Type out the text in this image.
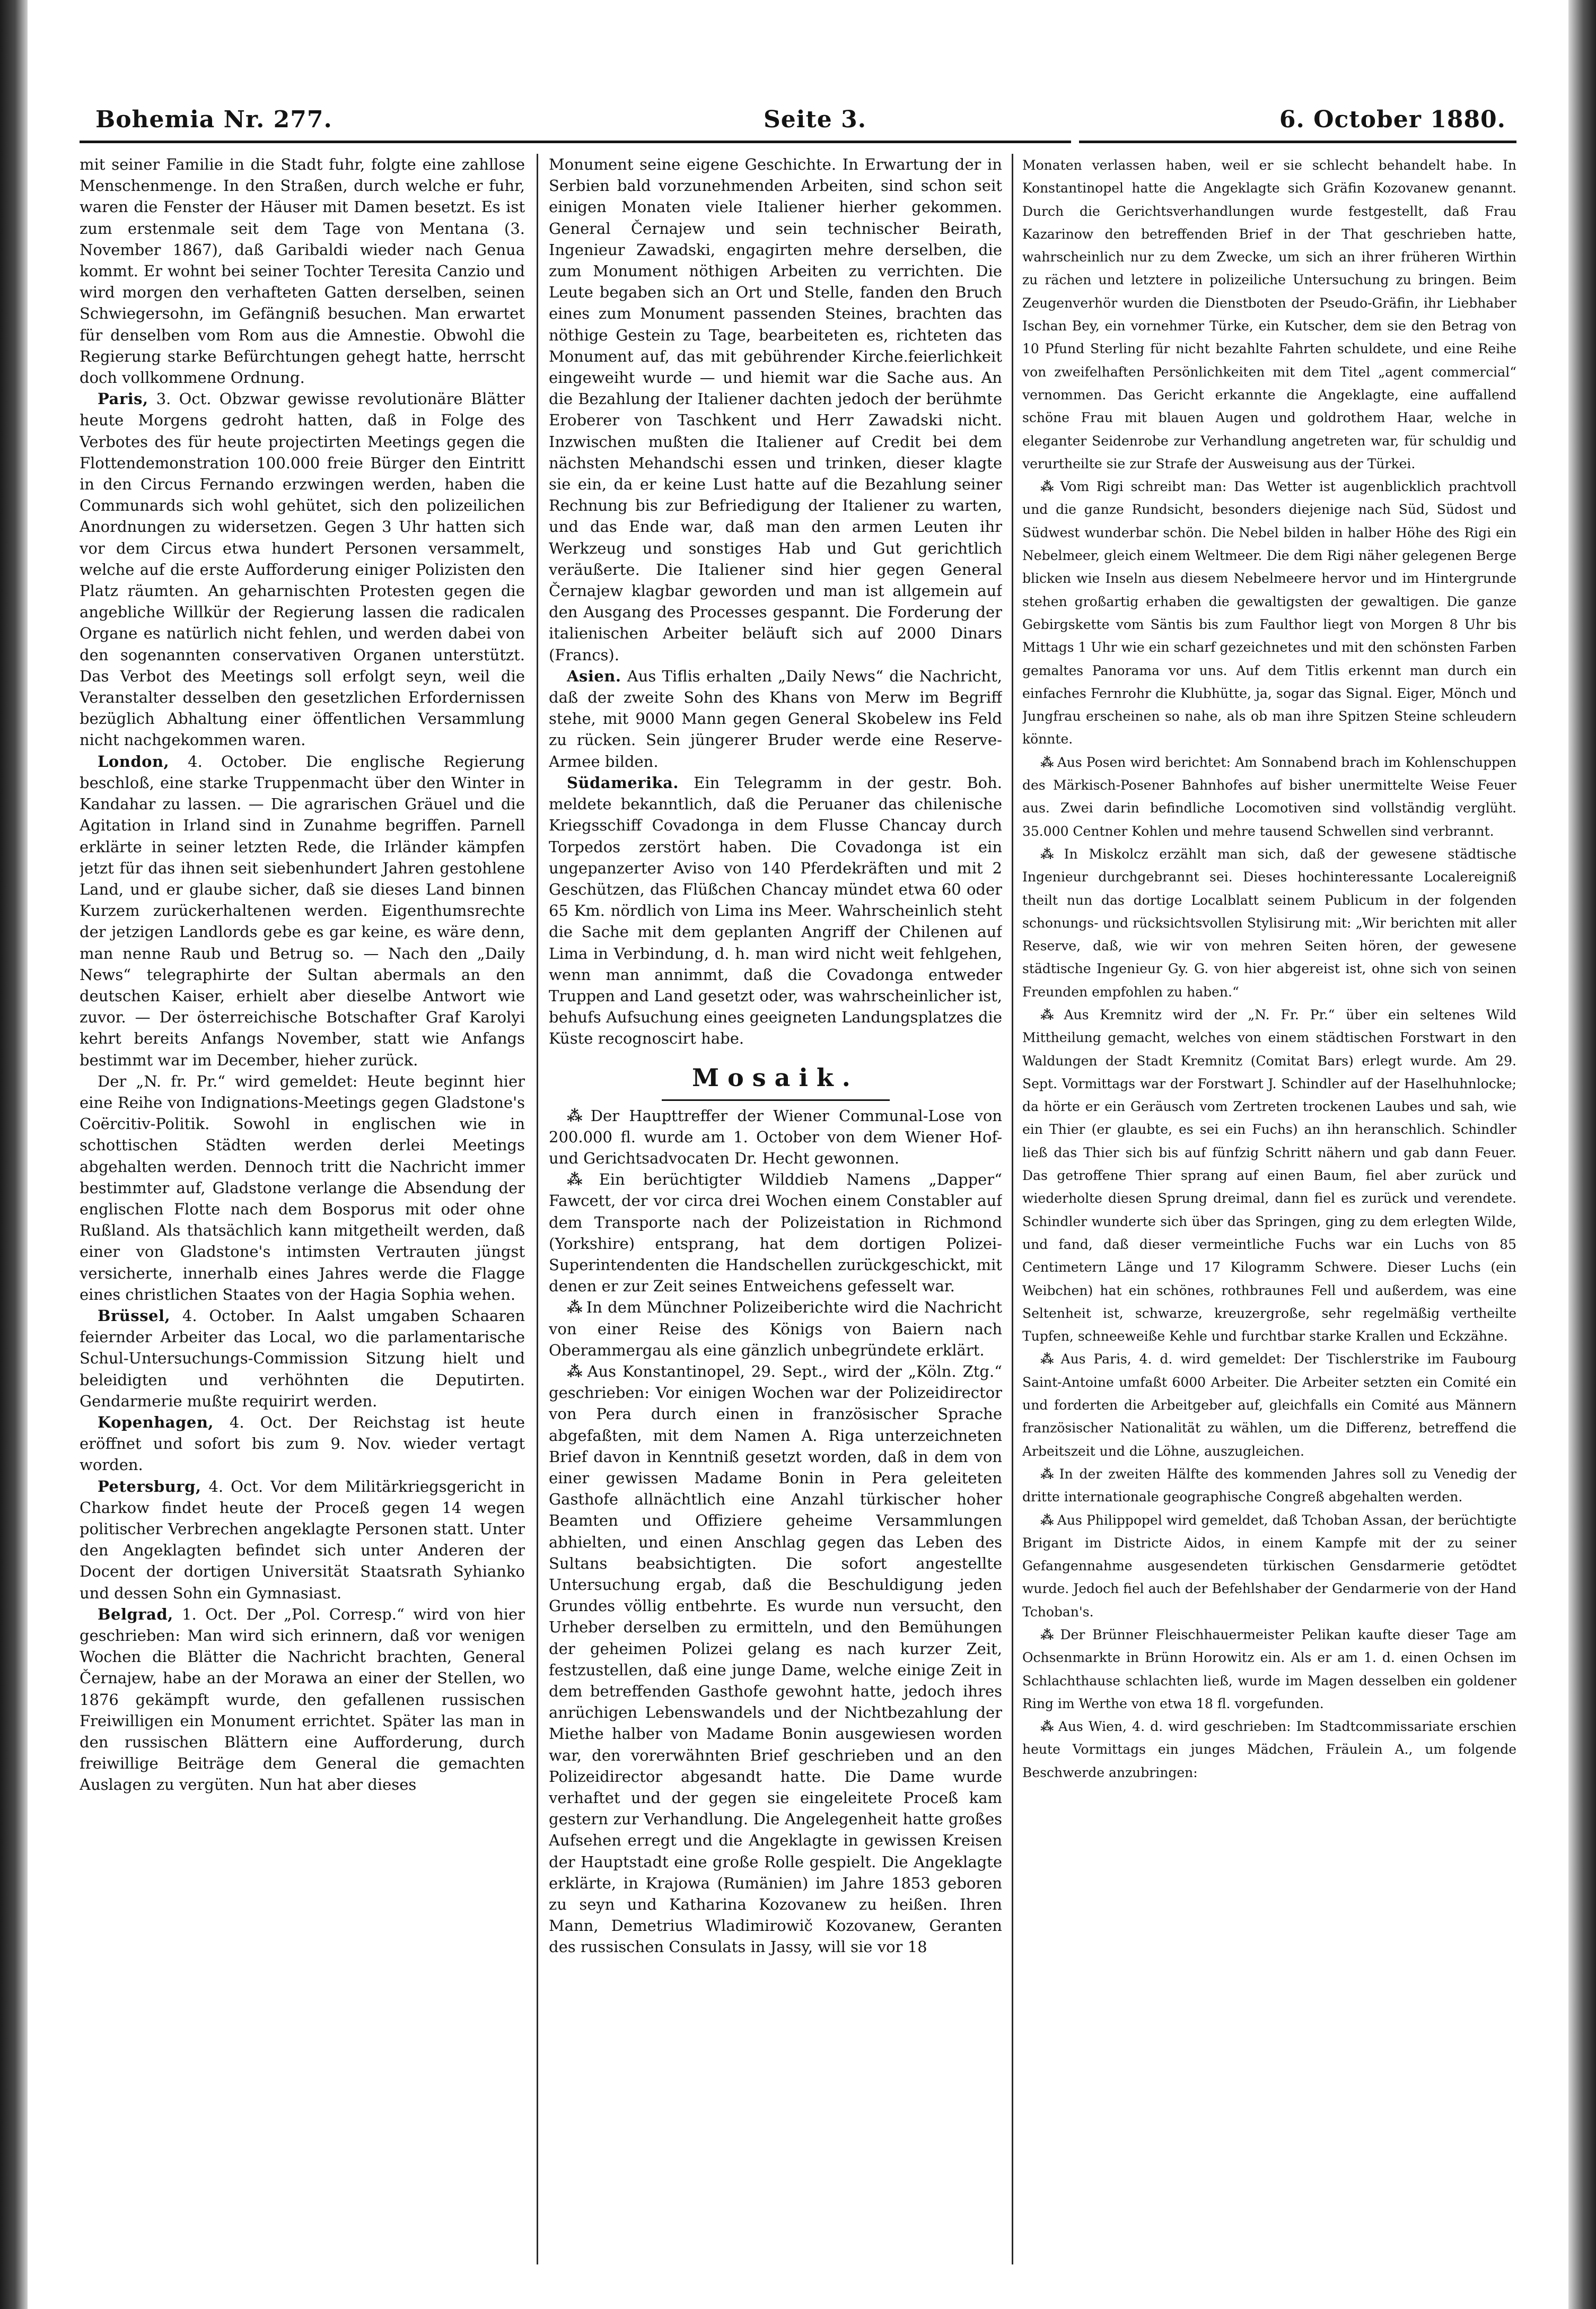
Bohemia Nr. 277.	Seite 3.	6. October 1880.

mit seiner Familie in die Stadt fuhr, folgte eine zahllose Menschenmenge. In den Straßen, durch welche er fuhr, waren die Fenster der Häuser mit Damen besetzt. Es ist zum erstenmale seit dem Tage von Mentana (3. November 1867), daß Garibaldi wieder nach Genua kommt. Er wohnt bei seiner Tochter Teresita Canzio und wird morgen den verhafteten Gatten derselben, seinen Schwiegersohn, im Gefängniß besuchen. Man erwartet für denselben vom Rom aus die Amnestie. Obwohl die Regierung starke Befürchtungen gehegt hatte, herrscht doch vollkommene Ordnung.

Paris, 3. Oct. Obzwar gewisse revolutionäre Blätter heute Morgens gedroht hatten, daß in Folge des Verbotes des für heute projectirten Meetings gegen die Flottendemonstration 100.000 freie Bürger den Eintritt in den Circus Fernando erzwingen werden, haben die Communards sich wohl gehütet, sich den polizeilichen Anordnungen zu widersetzen. Gegen 3 Uhr hatten sich vor dem Circus etwa hundert Personen versammelt, welche auf die erste Aufforderung einiger Polizisten den Platz räumten. An geharnischten Protesten gegen die angebliche Willkür der Regierung lassen die radicalen Organe es natürlich nicht fehlen, und werden dabei von den sogenannten conservativen Organen unterstützt. Das Verbot des Meetings soll erfolgt seyn, weil die Veranstalter desselben den gesetzlichen Erfordernissen bezüglich Abhaltung einer öffentlichen Versammlung nicht nachgekommen waren.

London, 4. October. Die englische Regierung beschloß, eine starke Truppenmacht über den Winter in Kandahar zu lassen. — Die agrarischen Gräuel und die Agitation in Irland sind in Zunahme begriffen. Parnell erklärte in seiner letzten Rede, die Irländer kämpfen jetzt für das ihnen seit siebenhundert Jahren gestohlene Land, und er glaube sicher, daß sie dieses Land binnen Kurzem zurückerhaltenen werden. Eigenthumsrechte der jetzigen Landlords gebe es gar keine, es wäre denn, man nenne Raub und Betrug so. — Nach den „Daily News“ telegraphirte der Sultan abermals an den deutschen Kaiser, erhielt aber dieselbe Antwort wie zuvor. — Der österreichische Botschafter Graf Karolyi kehrt bereits Anfangs November, statt wie Anfangs bestimmt war im December, hieher zurück.

Der „N. fr. Pr.“ wird gemeldet: Heute beginnt hier eine Reihe von Indignations-Meetings gegen Gladstone's Coërcitiv-Politik. Sowohl in englischen wie in schottischen Städten werden derlei Meetings abgehalten werden. Dennoch tritt die Nachricht immer bestimmter auf, Gladstone verlange die Absendung der englischen Flotte nach dem Bosporus mit oder ohne Rußland. Als thatsächlich kann mitgetheilt werden, daß einer von Gladstone's intimsten Vertrauten jüngst versicherte, innerhalb eines Jahres werde die Flagge eines christlichen Staates von der Hagia Sophia wehen.

Brüssel, 4. October. In Aalst umgaben Schaaren feiernder Arbeiter das Local, wo die parlamentarische Schul-Untersuchungs-Commission Sitzung hielt und beleidigten und verhöhnten die Deputirten. Gendarmerie mußte requirirt werden.

Kopenhagen, 4. Oct. Der Reichstag ist heute eröffnet und sofort bis zum 9. Nov. wieder vertagt worden.

Petersburg, 4. Oct. Vor dem Militärkriegsgericht in Charkow findet heute der Proceß gegen 14 wegen politischer Verbrechen angeklagte Personen statt. Unter den Angeklagten befindet sich unter Anderen der Docent der dortigen Universität Staatsrath Syhianko und dessen Sohn ein Gymnasiast.

Belgrad, 1. Oct. Der „Pol. Corresp.“ wird von hier geschrieben: Man wird sich erinnern, daß vor wenigen Wochen die Blätter die Nachricht brachten, General Černajew, habe an der Morawa an einer der Stellen, wo 1876 gekämpft wurde, den gefallenen russischen Freiwilligen ein Monument errichtet. Später las man in den russischen Blättern eine Aufforderung, durch freiwillige Beiträge dem General die gemachten Auslagen zu vergüten. Nun hat aber dieses

Monument seine eigene Geschichte. In Erwartung der in Serbien bald vorzunehmenden Arbeiten, sind schon seit einigen Monaten viele Italiener hierher gekommen. General Černajew und sein technischer Beirath, Ingenieur Zawadski, engagirten mehre derselben, die zum Monument nöthigen Arbeiten zu verrichten. Die Leute begaben sich an Ort und Stelle, fanden den Bruch eines zum Monument passenden Steines, brachten das nöthige Gestein zu Tage, bearbeiteten es, richteten das Monument auf, das mit gebührender Kirche.feierlichkeit eingeweiht wurde — und hiemit war die Sache aus. An die Bezahlung der Italiener dachten jedoch der berühmte Eroberer von Taschkent und Herr Zawadski nicht. Inzwischen mußten die Italiener auf Credit bei dem nächsten Mehandschi essen und trinken, dieser klagte sie ein, da er keine Lust hatte auf die Bezahlung seiner Rechnung bis zur Befriedigung der Italiener zu warten, und das Ende war, daß man den armen Leuten ihr Werkzeug und sonstiges Hab und Gut gerichtlich veräußerte. Die Italiener sind hier gegen General Černajew klagbar geworden und man ist allgemein auf den Ausgang des Processes gespannt. Die Forderung der italienischen Arbeiter beläuft sich auf 2000 Dinars (Francs).

Asien. Aus Tiflis erhalten „Daily News“ die Nachricht, daß der zweite Sohn des Khans von Merw im Begriff stehe, mit 9000 Mann gegen General Skobelew ins Feld zu rücken. Sein jüngerer Bruder werde eine Reserve-Armee bilden.

Südamerika. Ein Telegramm in der gestr. Boh. meldete bekanntlich, daß die Peruaner das chilenische Kriegsschiff Covadonga in dem Flusse Chancay durch Torpedos zerstört haben. Die Covadonga ist ein ungepanzerter Aviso von 140 Pferdekräften und mit 2 Geschützen, das Flüßchen Chancay mündet etwa 60 oder 65 Km. nördlich von Lima ins Meer. Wahrscheinlich steht die Sache mit dem geplanten Angriff der Chilenen auf Lima in Verbindung, d. h. man wird nicht weit fehlgehen, wenn man annimmt, daß die Covadonga entweder Truppen and Land gesetzt oder, was wahrscheinlicher ist, behufs Aufsuchung eines geeigneten Landungsplatzes die Küste recognoscirt habe.

Mosaik.

⁂ Der Haupttreffer der Wiener Communal-Lose von 200.000 fl. wurde am 1. October von dem Wiener Hof- und Gerichtsadvocaten Dr. Hecht gewonnen.

⁂ Ein berüchtigter Wilddieb Namens „Dapper“ Fawcett, der vor circa drei Wochen einem Constabler auf dem Transporte nach der Polizeistation in Richmond (Yorkshire) entsprang, hat dem dortigen Polizei-Superintendenten die Handschellen zurückgeschickt, mit denen er zur Zeit seines Entweichens gefesselt war.

⁂ In dem Münchner Polizeiberichte wird die Nachricht von einer Reise des Königs von Baiern nach Oberammergau als eine gänzlich unbegründete erklärt.

⁂ Aus Konstantinopel, 29. Sept., wird der „Köln. Ztg.“ geschrieben: Vor einigen Wochen war der Polizeidirector von Pera durch einen in französischer Sprache abgefaßten, mit dem Namen A. Riga unterzeichneten Brief davon in Kenntniß gesetzt worden, daß in dem von einer gewissen Madame Bonin in Pera geleiteten Gasthofe allnächtlich eine Anzahl türkischer hoher Beamten und Offiziere geheime Versammlungen abhielten, und einen Anschlag gegen das Leben des Sultans beabsichtigten. Die sofort angestellte Untersuchung ergab, daß die Beschuldigung jeden Grundes völlig entbehrte. Es wurde nun versucht, den Urheber derselben zu ermitteln, und den Bemühungen der geheimen Polizei gelang es nach kurzer Zeit, festzustellen, daß eine junge Dame, welche einige Zeit in dem betreffenden Gasthofe gewohnt hatte, jedoch ihres anrüchigen Lebenswandels und der Nichtbezahlung der Miethe halber von Madame Bonin ausgewiesen worden war, den vorerwähnten Brief geschrieben und an den Polizeidirector abgesandt hatte. Die Dame wurde verhaftet und der gegen sie eingeleitete Proceß kam gestern zur Verhandlung. Die Angelegenheit hatte großes Aufsehen erregt und die Angeklagte in gewissen Kreisen der Hauptstadt eine große Rolle gespielt. Die Angeklagte erklärte, in Krajowa (Rumänien) im Jahre 1853 geboren zu seyn und Katharina Kozovanew zu heißen. Ihren Mann, Demetrius Wladimirowič Kozovanew, Geranten des russischen Consulats in Jassy, will sie vor 18

Monaten verlassen haben, weil er sie schlecht behandelt habe. In Konstantinopel hatte die Angeklagte sich Gräfin Kozovanew genannt. Durch die Gerichtsverhandlungen wurde festgestellt, daß Frau Kazarinow den betreffenden Brief in der That geschrieben hatte, wahrscheinlich nur zu dem Zwecke, um sich an ihrer früheren Wirthin zu rächen und letztere in polizeiliche Untersuchung zu bringen. Beim Zeugenverhör wurden die Dienstboten der Pseudo-Gräfin, ihr Liebhaber Ischan Bey, ein vornehmer Türke, ein Kutscher, dem sie den Betrag von 10 Pfund Sterling für nicht bezahlte Fahrten schuldete, und eine Reihe von zweifelhaften Persönlichkeiten mit dem Titel „agent commercial“ vernommen. Das Gericht erkannte die Angeklagte, eine auffallend schöne Frau mit blauen Augen und goldrothem Haar, welche in eleganter Seidenrobe zur Verhandlung angetreten war, für schuldig und verurtheilte sie zur Strafe der Ausweisung aus der Türkei.

⁂ Vom Rigi schreibt man: Das Wetter ist augenblicklich prachtvoll und die ganze Rundsicht, besonders diejenige nach Süd, Südost und Südwest wunderbar schön. Die Nebel bilden in halber Höhe des Rigi ein Nebelmeer, gleich einem Weltmeer. Die dem Rigi näher gelegenen Berge blicken wie Inseln aus diesem Nebelmeere hervor und im Hintergrunde stehen großartig erhaben die gewaltigsten der gewaltigen. Die ganze Gebirgskette vom Säntis bis zum Faulthor liegt von Morgen 8 Uhr bis Mittags 1 Uhr wie ein scharf gezeichnetes und mit den schönsten Farben gemaltes Panorama vor uns. Auf dem Titlis erkennt man durch ein einfaches Fernrohr die Klubhütte, ja, sogar das Signal. Eiger, Mönch und Jungfrau erscheinen so nahe, als ob man ihre Spitzen Steine schleudern könnte.

⁂ Aus Posen wird berichtet: Am Sonnabend brach im Kohlenschuppen des Märkisch-Posener Bahnhofes auf bisher unermittelte Weise Feuer aus. Zwei darin befindliche Locomotiven sind vollständig verglüht. 35.000 Centner Kohlen und mehre tausend Schwellen sind verbrannt.

⁂ In Miskolcz erzählt man sich, daß der gewesene städtische Ingenieur durchgebrannt sei. Dieses hochinteressante Localereigniß theilt nun das dortige Localblatt seinem Publicum in der folgenden schonungs- und rücksichtsvollen Stylisirung mit: „Wir berichten mit aller Reserve, daß, wie wir von mehren Seiten hören, der gewesene städtische Ingenieur Gy. G. von hier abgereist ist, ohne sich von seinen Freunden empfohlen zu haben.“

⁂ Aus Kremnitz wird der „N. Fr. Pr.“ über ein seltenes Wild Mittheilung gemacht, welches von einem städtischen Forstwart in den Waldungen der Stadt Kremnitz (Comitat Bars) erlegt wurde. Am 29. Sept. Vormittags war der Forstwart J. Schindler auf der Haselhuhnlocke; da hörte er ein Geräusch vom Zertreten trockenen Laubes und sah, wie ein Thier (er glaubte, es sei ein Fuchs) an ihn heranschlich. Schindler ließ das Thier sich bis auf fünfzig Schritt nähern und gab dann Feuer. Das getroffene Thier sprang auf einen Baum, fiel aber zurück und wiederholte diesen Sprung dreimal, dann fiel es zurück und verendete. Schindler wunderte sich über das Springen, ging zu dem erlegten Wilde, und fand, daß dieser vermeintliche Fuchs war ein Luchs von 85 Centimetern Länge und 17 Kilogramm Schwere. Dieser Luchs (ein Weibchen) hat ein schönes, rothbraunes Fell und außerdem, was eine Seltenheit ist, schwarze, kreuzergroße, sehr regelmäßig vertheilte Tupfen, schneeweiße Kehle und furchtbar starke Krallen und Eckzähne.

⁂ Aus Paris, 4. d. wird gemeldet: Der Tischlerstrike im Faubourg Saint-Antoine umfaßt 6000 Arbeiter. Die Arbeiter setzten ein Comité ein und forderten die Arbeitgeber auf, gleichfalls ein Comité aus Männern französischer Nationalität zu wählen, um die Differenz, betreffend die Arbeitszeit und die Löhne, auszugleichen.

⁂ In der zweiten Hälfte des kommenden Jahres soll zu Venedig der dritte internationale geographische Congreß abgehalten werden.

⁂ Aus Philippopel wird gemeldet, daß Tchoban Assan, der berüchtigte Brigant im Districte Aidos, in einem Kampfe mit der zu seiner Gefangennahme ausgesendeten türkischen Gensdarmerie getödtet wurde. Jedoch fiel auch der Befehlshaber der Gendarmerie von der Hand Tchoban's.

⁂ Der Brünner Fleischhauermeister Pelikan kaufte dieser Tage am Ochsenmarkte in Brünn Horowitz ein. Als er am 1. d. einen Ochsen im Schlachthause schlachten ließ, wurde im Magen desselben ein goldener Ring im Werthe von etwa 18 fl. vorgefunden.

⁂ Aus Wien, 4. d. wird geschrieben: Im Stadtcommissariate erschien heute Vormittags ein junges Mädchen, Fräulein A., um folgende Beschwerde anzubringen:
